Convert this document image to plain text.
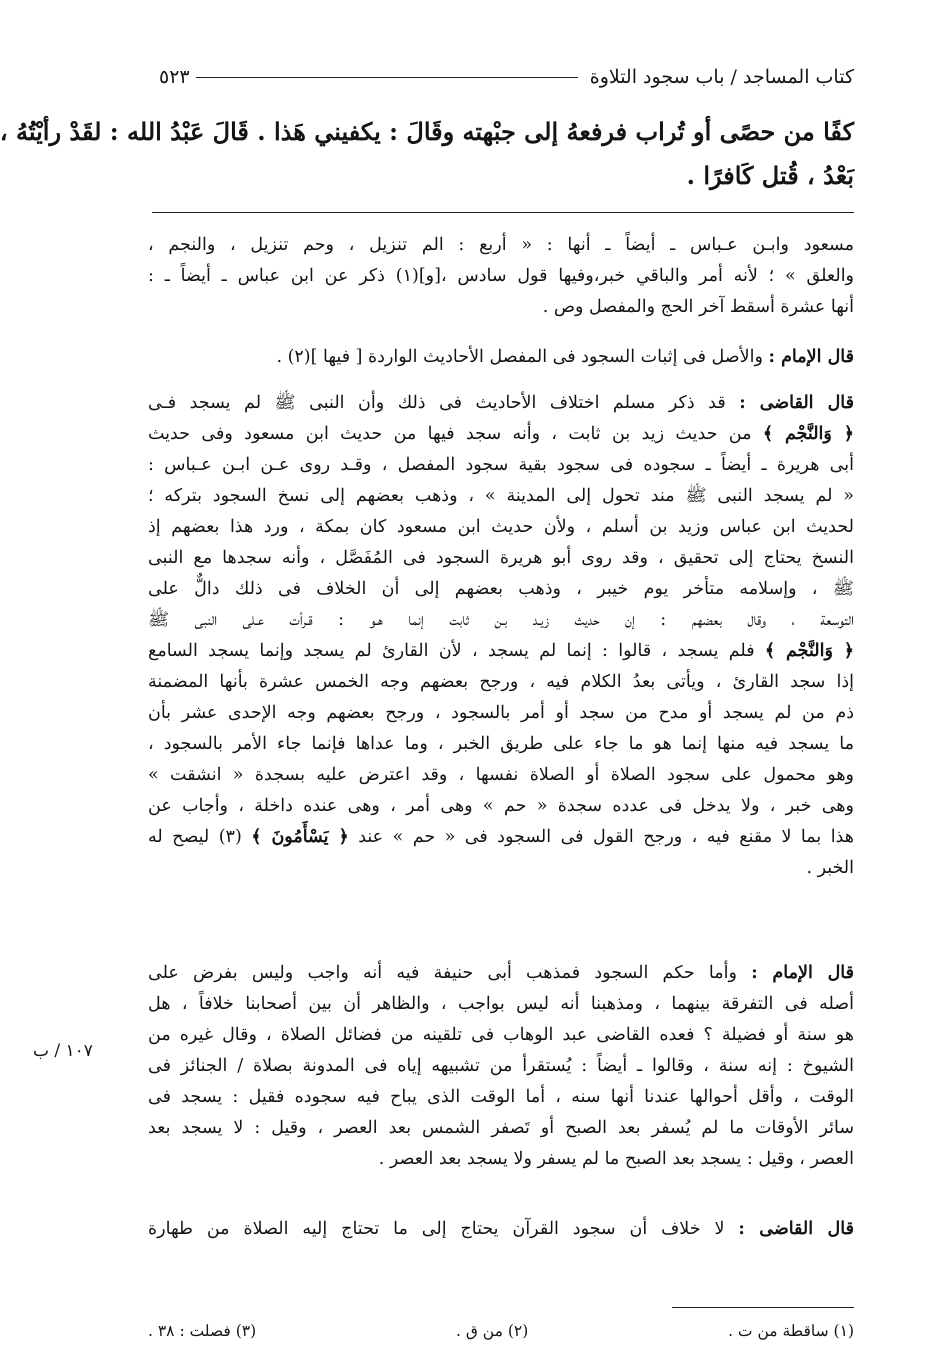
كتاب المساجد / باب سجود التلاوة
٥٢٣
كفًا من حصًى أو تُراب فرفعهُ إلى جبْهته وقَالَ : يكفيني هَذا . قَالَ عَبْدُ الله : لقَدْ رأيْتُهُ ،
بَعْدُ ، قُتل كَافرًا .
مسعود وابـن عـباس ـ أيضاً ـ أنها : « أربع : الم تنزيل ، وحم تنزيل ، والنجم ،
والعلق » ؛ لأنه أمر والباقي خبر،وفيها قول سادس ،[و](١) ذكر عن ابن عباس ـ أيضاً ـ :
أنها عشرة أسقط آخر الحج والمفصل وص .
قال الإمام : والأصل فى إثبات السجود فى المفصل الأحاديث الواردة [ فيها ](٢) .
قال القاضى : قد ذكر مسلم اختلاف الأحاديث فى ذلك وأن النبى ﷺ لم يسجد فـى
﴿ وَالنَّجْم ﴾ من حديث زيد بن ثابت ، وأنه سجد فيها من حديث ابن مسعود وفى حديث
أبى هريرة ـ أيضاً ـ سجوده فى سجود بقية سجود المفصل ، وقـد روى عـن ابـن عـباس :
« لم يسجد النبى ﷺ مند تحول إلى المدينة » ، وذهب بعضهم إلى نسخ السجود بتركه ؛
لحديث ابن عباس وزيد بن أسلم ، ولأن حديث ابن مسعود كان بمكة ، ورد هذا بعضهم إذ
النسخ يحتاج إلى تحقيق ، وقد روى أبو هريرة السجود فى المُفَصَّل ، وأنه سجدها مع النبى
ﷺ ، وإسلامه متأخر يوم خيبر ، وذهب بعضهم إلى أن الخلاف فى ذلك دالٌّ على
التوسعة ، وقال بعضهم : إن حديث زيـد بـن ثابت إنما هـو : قـرأت عـلى النبى ﷺ
﴿ وَالنَّجْم ﴾ فلم يسجد ، قالوا : إنما لم يسجد ، لأن القارئ لم يسجد وإنما يسجد السامع
إذا سجد القارئ ، ويأتى بعدُ الكلام فيه ، ورجح بعضهم وجه الخمس عشرة بأنها المضمنة
ذم من لم يسجد أو مدح من سجد أو أمر بالسجود ، ورجح بعضهم وجه الإحدى عشر بأن
ما يسجد فيه منها إنما هو ما جاء على طريق الخبر ، وما عداها فإنما جاء الأمر بالسجود ،
وهو محمول على سجود الصلاة أو الصلاة نفسها ، وقد اعترض عليه بسجدة « انشقت »
وهى خبر ، ولا يدخل فى عدده سجدة « حم » وهى أمر ، وهى عنده داخلة ، وأجاب عن
هذا بما لا مقنع فيه ، ورجح القول فى السجود فى « حم » عند ﴿ يَسْأَمُونَ ﴾ (٣) ليصح له
الخبر .
قال الإمام : وأما حكم السجود فمذهب أبى حنيفة فيه أنه واجب وليس بفرض على
أصله فى التفرقة بينهما ، ومذهبنا أنه ليس بواجب ، والظاهر أن بين أصحابنا خلافاً ، هل
هو سنة أو فضيلة ؟ فعده القاضى عبد الوهاب فى تلقينه من فضائل الصلاة ، وقال غيره من
الشيوخ : إنه سنة ، وقالوا ـ أيضاً : يُستقرأ من تشبيهه إياه فى المدونة بصلاة / الجنائز فى
الوقت ، وأقل أحوالها عندنا أنها سنه ، أما الوقت الذى يباح فيه سجوده فقيل : يسجد فى
سائر الأوقات ما لم يُسفر بعد الصبح أو تَصفر الشمس بعد العصر ، وقيل : لا يسجد بعد
العصر ، وقيل : يسجد بعد الصبح ما لم يسفر ولا يسجد بعد العصر .
قال القاضى : لا خلاف أن سجود القرآن يحتاج إلى ما تحتاج إليه الصلاة من طهارة
١٠٧ / ب
(١) ساقطة من ت .
(٢) من ق .
(٣) فصلت : ٣٨ .
